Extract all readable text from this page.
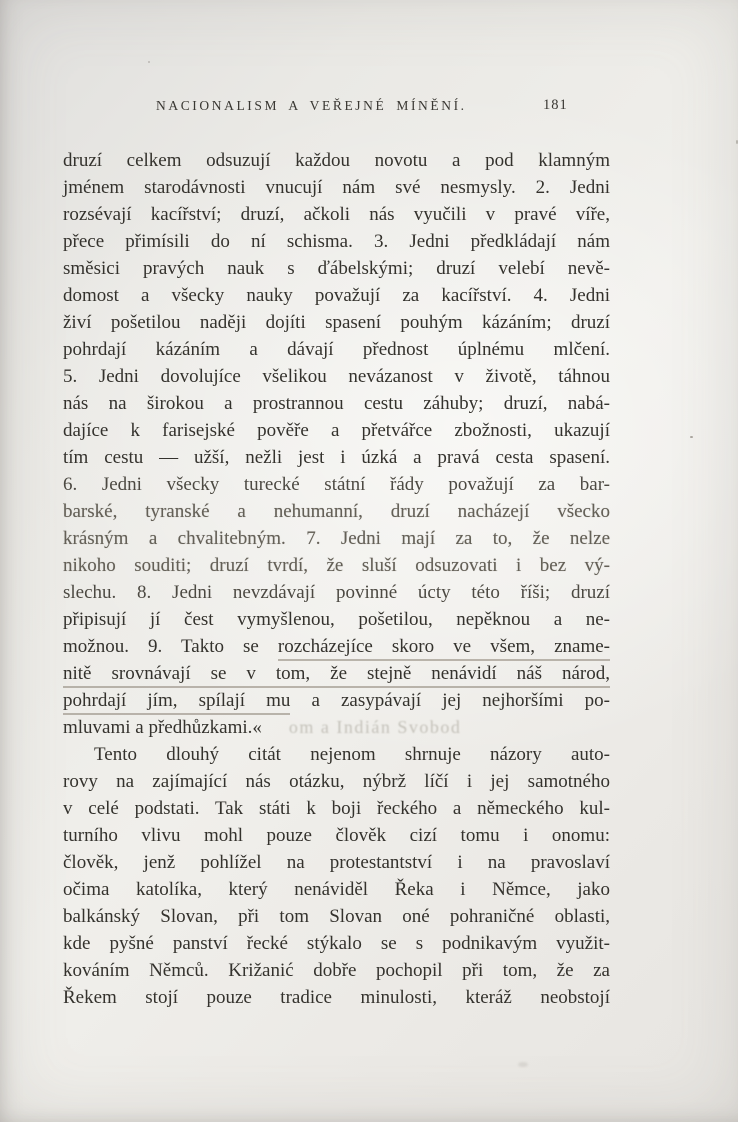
NACIONALISM A VEŘEJNÉ MÍNĚNÍ.	181
druzí celkem odsuzují každou novotu a pod klamným
jménem starodávnosti vnucují nám své nesmysly. 2. Jedni
rozsévají kacířství; druzí, ačkoli nás vyučili v pravé víře,
přece přimísili do ní schisma. 3. Jedni předkládají nám
směsici pravých nauk s ďábelskými; druzí velebí nevě-
domost a všecky nauky považují za kacířství. 4. Jedni
živí pošetilou naději dojíti spasení pouhým kázáním; druzí
pohrdají kázáním a dávají přednost úplnému mlčení.
5. Jedni dovolujíce všelikou nevázanost v životě, táhnou
nás na širokou a prostrannou cestu záhuby; druzí, nabá-
dajíce k farisejské pověře a přetvářce zbožnosti, ukazují
tím cestu — užší, nežli jest i úzká a pravá cesta spasení.
6. Jedni všecky turecké státní řády považují za bar-
barské, tyranské a nehumanní, druzí nacházejí všecko
krásným a chvalitebným. 7. Jedni mají za to, že nelze
nikoho souditi; druzí tvrdí, že sluší odsuzovati i bez vý-
slechu. 8. Jedni nevzdávají povinné úcty této říši; druzí
připisují jí čest vymyšlenou, pošetilou, nepěknou a ne-
možnou. 9. Takto se rozcházejíce skoro ve všem, zname-
nitě srovnávají se v tom, že stejně nenávidí náš národ,
pohrdají jím, spílají mu a zasypávají jej nejhoršími po-
mluvami a předhůzkami.« om a Indián Svobod
Tento dlouhý citát nejenom shrnuje názory auto-
rovy na zajímající nás otázku, nýbrž líčí i jej samotného
v celé podstati. Tak státi k boji řeckého a německého kul-
turního vlivu mohl pouze člověk cizí tomu i onomu:
člověk, jenž pohlížel na protestantství i na pravoslaví
očima katolíka, který nenáviděl Řeka i Němce, jako
balkánský Slovan, při tom Slovan oné pohraničné oblasti,
kde pyšné panství řecké stýkalo se s podnikavým využit-
kováním Němců. Križanić dobře pochopil při tom, že za
Řekem stojí pouze tradice minulosti, kteráž neobstojí
